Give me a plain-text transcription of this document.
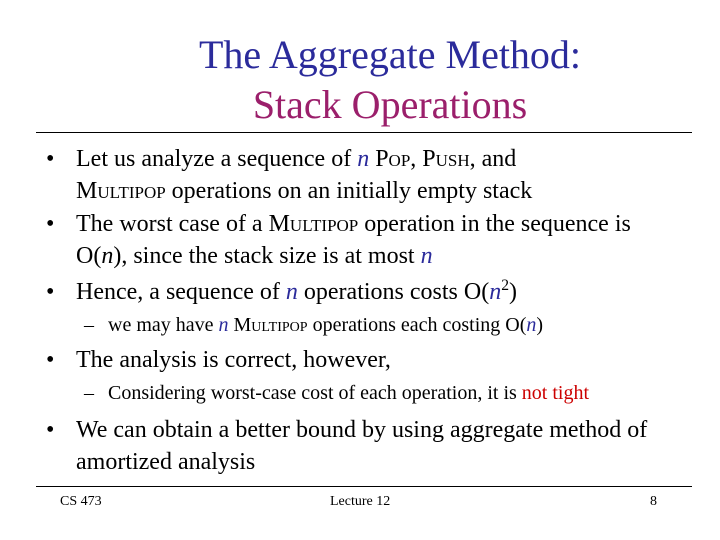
The Aggregate Method:
Stack Operations
• Let us analyze a sequence of n Pop, Push, and
Multipop operations on an initially empty stack
• The worst case of a Multipop operation in the sequence is O(n), since the stack size is at most n
• Hence, a sequence of n operations costs $O(n^2)$
– we may have n Multipop operations each costing O(n)
• The analysis is correct, however,
– Considering worst-case cost of each operation, it is not tight
• We can obtain a better bound by using aggregate method of amortized analysis
CS 473	Lecture 12	8
